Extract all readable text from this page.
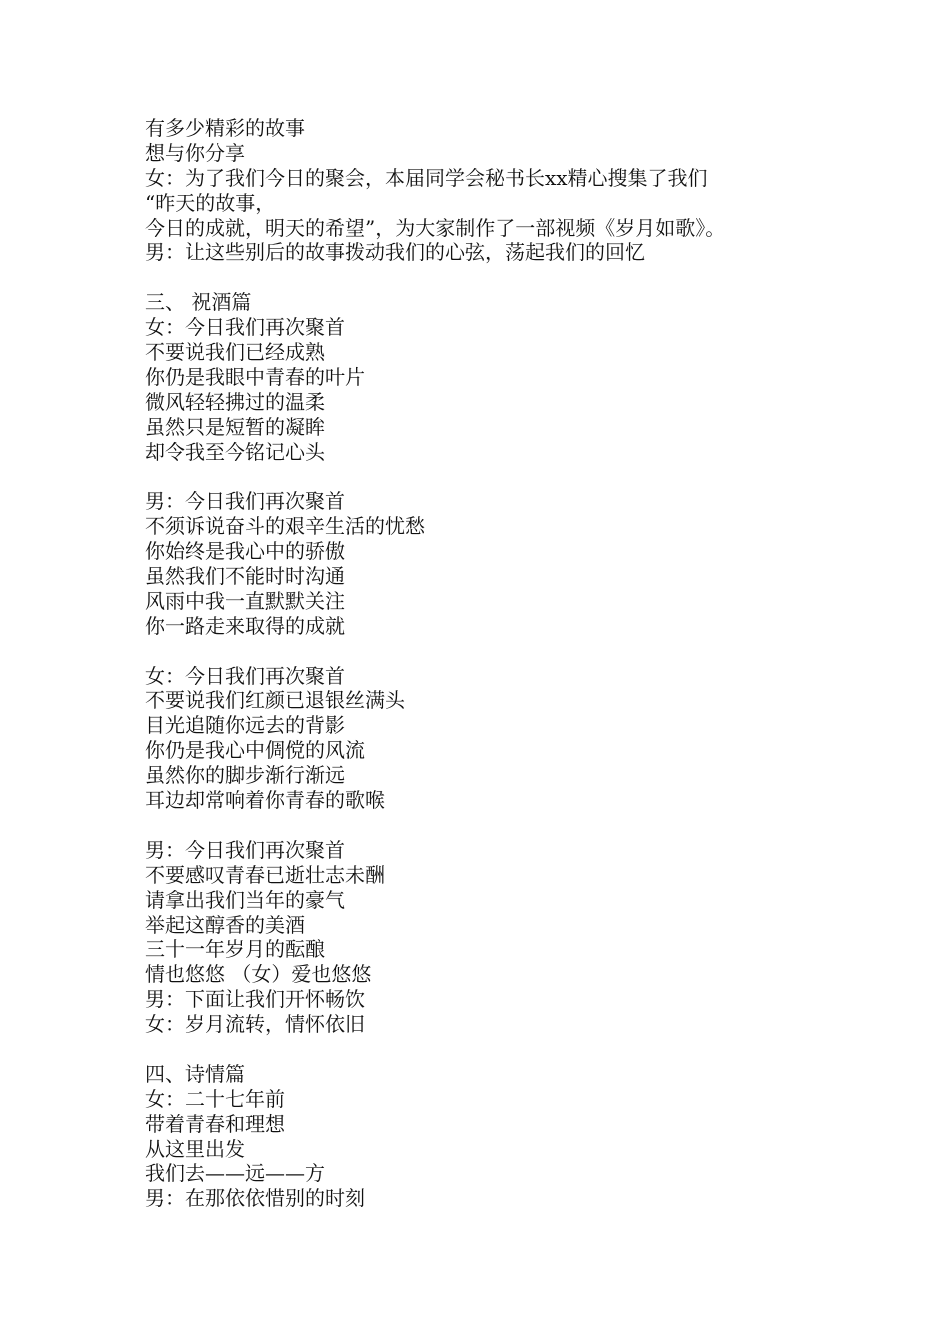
有多少精彩的故事
想与你分享
女：为了我们今日的聚会，本届同学会秘书长xx精心搜集了我们
“昨天的故事，
今日的成就，明天的希望”，为大家制作了一部视频《岁月如歌》。
男：让这些别后的故事拨动我们的心弦，荡起我们的回忆
三、 祝酒篇
女：今日我们再次聚首
不要说我们已经成熟
你仍是我眼中青春的叶片
微风轻轻拂过的温柔
虽然只是短暂的凝眸
却令我至今铭记心头
男：今日我们再次聚首
不须诉说奋斗的艰辛生活的忧愁
你始终是我心中的骄傲
虽然我们不能时时沟通
风雨中我一直默默关注
你一路走来取得的成就
女：今日我们再次聚首
不要说我们红颜已退银丝满头
目光追随你远去的背影
你仍是我心中倜傥的风流
虽然你的脚步渐行渐远
耳边却常响着你青春的歌喉
男：今日我们再次聚首
不要感叹青春已逝壮志未酬
请拿出我们当年的豪气
举起这醇香的美酒
三十一年岁月的酝酿
情也悠悠 （女）爱也悠悠
男：下面让我们开怀畅饮
女：岁月流转，情怀依旧
四、诗情篇
女：二十七年前
带着青春和理想
从这里出发
我们去——远——方
男：在那依依惜别的时刻
